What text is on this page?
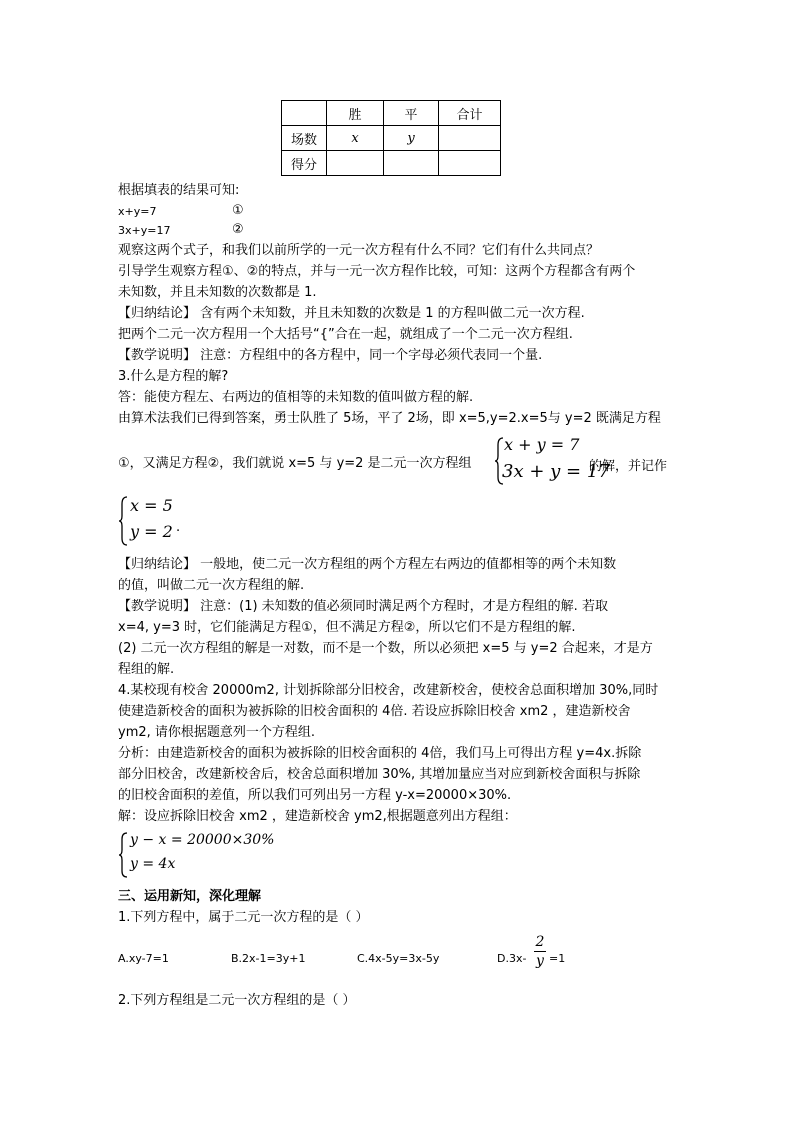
	胜	平	合计
场数	x	y	
得分			
根据填表的结果可知:
x+y=7	①
3x+y=17	②
观察这两个式子，和我们以前所学的一元一次方程有什么不同？它们有什么共同点？
引导学生观察方程①、②的特点，并与一元一次方程作比较，可知：这两个方程都含有两个
未知数，并且未知数的次数都是 1.
【归纳结论】 含有两个未知数，并且未知数的次数是 1 的方程叫做二元一次方程.
把两个二元一次方程用一个大括号“{”合在一起，就组成了一个二元一次方程组.
【教学说明】 注意：方程组中的各方程中，同一个字母必须代表同一个量.
3.什么是方程的解?
答：能使方程左、右两边的值相等的未知数的值叫做方程的解.
由算术法我们已得到答案，勇士队胜了 5场，平了 2场，即 x=5,y=2.x=5与 y=2 既满足方程
①，又满足方程②，我们就说 x=5 与 y=2 是二元一次方程组
x + y = 7
3x + y = 17
的解，并记作
x = 5
y = 2 .
【归纳结论】 一般地，使二元一次方程组的两个方程左右两边的值都相等的两个未知数
的值，叫做二元一次方程组的解.
【教学说明】 注意：(1) 未知数的值必须同时满足两个方程时，才是方程组的解. 若取
x=4, y=3 时，它们能满足方程①，但不满足方程②，所以它们不是方程组的解.
(2) 二元一次方程组的解是一对数，而不是一个数，所以必须把 x=5 与 y=2 合起来，才是方
程组的解.
4.某校现有校舍 20000m2, 计划拆除部分旧校舍，改建新校舍，使校舍总面积增加 30%,同时
使建造新校舍的面积为被拆除的旧校舍面积的 4倍. 若设应拆除旧校舍 xm2 ，建造新校舍
ym2, 请你根据题意列一个方程组.
分析：由建造新校舍的面积为被拆除的旧校舍面积的 4倍，我们马上可得出方程 y=4x.拆除
部分旧校舍，改建新校舍后，校舍总面积增加 30%, 其增加量应当对应到新校舍面积与拆除
的旧校舍面积的差值，所以我们可列出另一方程 y-x=20000×30%.
解：设应拆除旧校舍 xm2 ，建造新校舍 ym2,根据题意列出方程组：
y − x = 20000×30%
y = 4x
三、运用新知，深化理解
1.下列方程中，属于二元一次方程的是（ ）
A.xy-7=1	B.2x-1=3y+1	C.4x-5y=3x-5y	D.3x-
2
y =1
2.下列方程组是二元一次方程组的是（ ）
